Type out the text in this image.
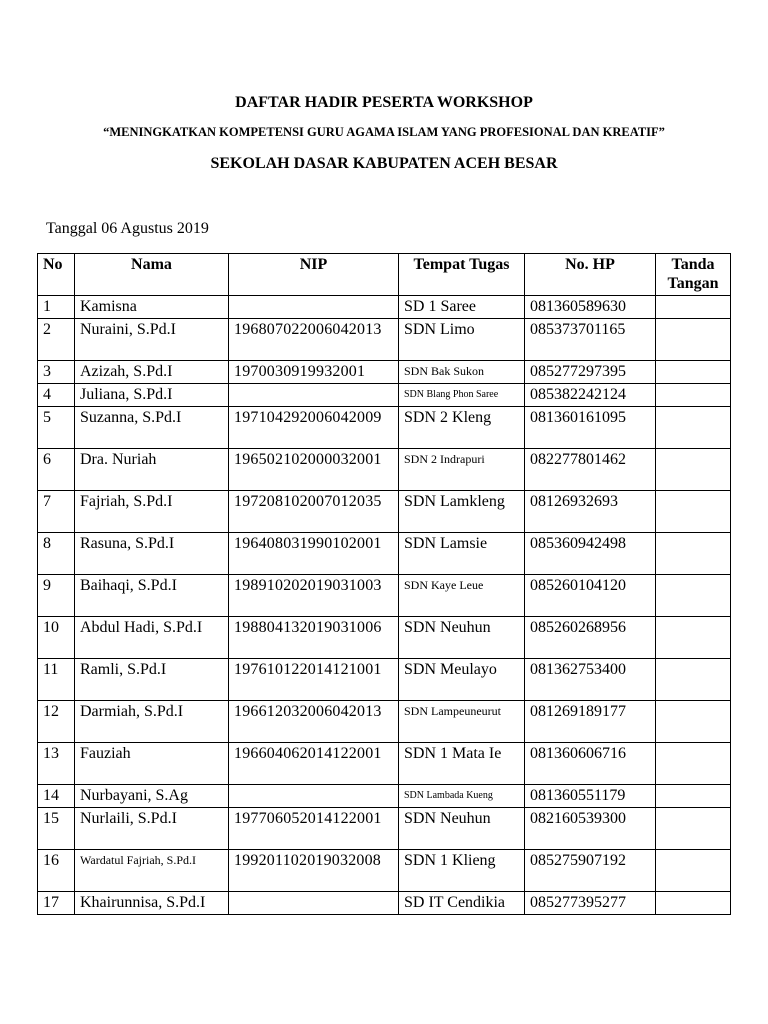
DAFTAR HADIR PESERTA WORKSHOP
“MENINGKATKAN KOMPETENSI GURU AGAMA ISLAM YANG PROFESIONAL DAN KREATIF”
SEKOLAH DASAR KABUPATEN ACEH BESAR
Tanggal 06 Agustus 2019
No	Nama	NIP	Tempat Tugas	No. HP	Tanda Tangan
1	Kamisna		SD 1 Saree	081360589630	
2	Nuraini, S.Pd.I	196807022006042013	SDN Limo	085373701165	
3	Azizah, S.Pd.I	1970030919932001	SDN Bak Sukon	085277297395	
4	Juliana, S.Pd.I		SDN Blang Phon Saree	085382242124	
5	Suzanna, S.Pd.I	197104292006042009	SDN 2 Kleng	081360161095	
6	Dra. Nuriah	196502102000032001	SDN 2 Indrapuri	082277801462	
7	Fajriah, S.Pd.I	197208102007012035	SDN Lamkleng	08126932693	
8	Rasuna, S.Pd.I	196408031990102001	SDN Lamsie	085360942498	
9	Baihaqi, S.Pd.I	198910202019031003	SDN Kaye Leue	085260104120	
10	Abdul Hadi, S.Pd.I	198804132019031006	SDN Neuhun	085260268956	
11	Ramli, S.Pd.I	197610122014121001	SDN Meulayo	081362753400	
12	Darmiah, S.Pd.I	196612032006042013	SDN Lampeuneurut	081269189177	
13	Fauziah	196604062014122001	SDN 1 Mata Ie	081360606716	
14	Nurbayani, S.Ag		SDN Lambada Kueng	081360551179	
15	Nurlaili, S.Pd.I	197706052014122001	SDN Neuhun	082160539300	
16	Wardatul Fajriah, S.Pd.I	199201102019032008	SDN 1 Klieng	085275907192	
17	Khairunnisa, S.Pd.I		SD IT Cendikia	085277395277	
